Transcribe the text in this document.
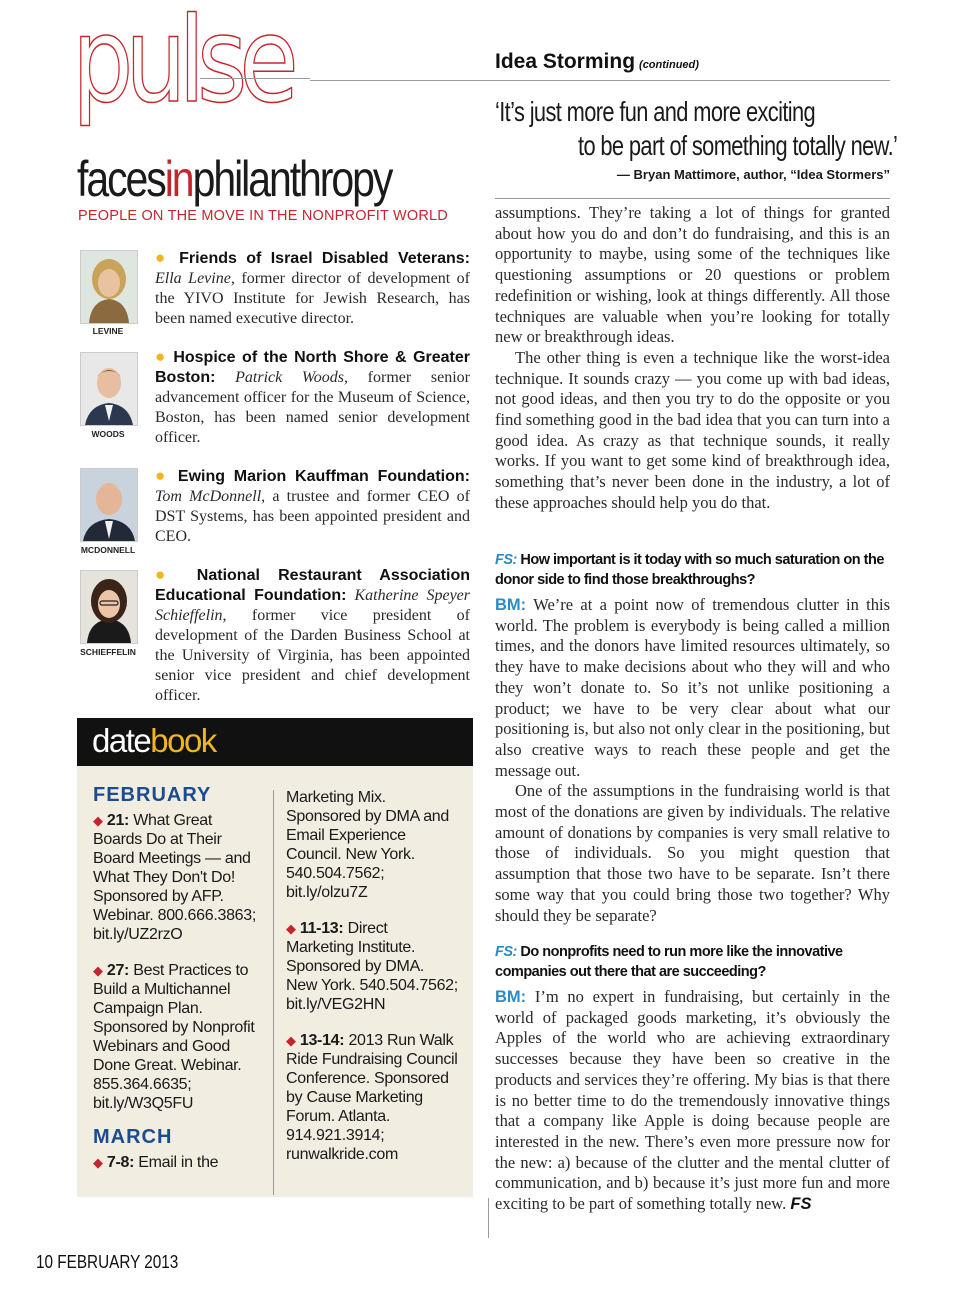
pulse
facesinphilanthropy
PEOPLE ON THE MOVE IN THE NONPROFIT WORLD
LEVINE
WOODS
MCDONNELL
SCHIEFFELIN
● Friends of Israel Disabled Veterans: Ella Levine, former director of development of the YIVO Institute for Jewish Research, has been named executive director.
● Hospice of the North Shore & Greater Boston: Patrick Woods, former senior advancement officer for the Museum of Science, Boston, has been named senior development officer.
● Ewing Marion Kauffman Foundation: Tom McDonnell, a trustee and former CEO of DST Systems, has been appointed president and CEO.
● National Restaurant Association Educational Foundation: Katherine Speyer Schieffelin, former vice president of development of the Darden Business School at the University of Virginia, has been appointed senior vice president and chief development officer.
datebook
FEBRUARY
◆ 21: What Great Boards Do at Their Board Meetings — and What They Don't Do! Sponsored by AFP. Webinar. 800.666.3863; bit.ly/UZ2rzO
◆ 27: Best Practices to Build a Multichannel Campaign Plan. Sponsored by Nonprofit Webinars and Good Done Great. Webinar. 855.364.6635; bit.ly/W3Q5FU
MARCH
◆ 7-8: Email in the
Marketing Mix. Sponsored by DMA and Email Experience Council. New York. 540.504.7562; bit.ly/olzu7Z
◆ 11-13: Direct Marketing Institute. Sponsored by DMA. New York. 540.504.7562; bit.ly/VEG2HN
◆ 13-14: 2013 Run Walk Ride Fundraising Council Conference. Sponsored by Cause Marketing Forum. Atlanta. 914.921.3914; runwalkride.com
Idea Storming (continued)
‘It’s just more fun and more exciting
to be part of something totally new.’
— Bryan Mattimore, author, “Idea Stormers”

assumptions. They’re taking a lot of things for granted about how you do and don’t do fundraising, and this is an opportunity to maybe, using some of the techniques like questioning assumptions or 20 questions or problem redefinition or wishing, look at things differently. All those techniques are valuable when you’re looking for totally new or breakthrough ideas.

The other thing is even a technique like the worst-idea technique. It sounds crazy — you come up with bad ideas, not good ideas, and then you try to do the opposite or you find something good in the bad idea that you can turn into a good idea. As crazy as that technique sounds, it really works. If you want to get some kind of breakthrough idea, something that’s never been done in the industry, a lot of these approaches should help you do that.

FS: How important is it today with so much saturation on the donor side to find those breakthroughs?

BM: We’re at a point now of tremendous clutter in this world. The problem is everybody is being called a million times, and the donors have limited resources ultimately, so they have to make decisions about who they will and who they won’t donate to. So it’s not unlike positioning a product; we have to be very clear about what our positioning is, but also not only clear in the positioning, but also creative ways to reach these people and get the message out.

One of the assumptions in the fundraising world is that most of the donations are given by individuals. The relative amount of donations by companies is very small relative to those of individuals. So you might question that assumption that those two have to be separate. Isn’t there some way that you could bring those two together? Why should they be separate?

FS: Do nonprofits need to run more like the innovative companies out there that are succeeding?

BM: I’m no expert in fundraising, but certainly in the world of packaged goods marketing, it’s obviously the Apples of the world who are achieving extraordinary successes because they have been so creative in the products and services they’re offering. My bias is that there is no better time to do the tremendously innovative things that a company like Apple is doing because people are interested in the new. There’s even more pressure now for the new: a) because of the clutter and the mental clutter of communication, and b) because it’s just more fun and more exciting to be part of something totally new. FS

10 FEBRUARY 2013
